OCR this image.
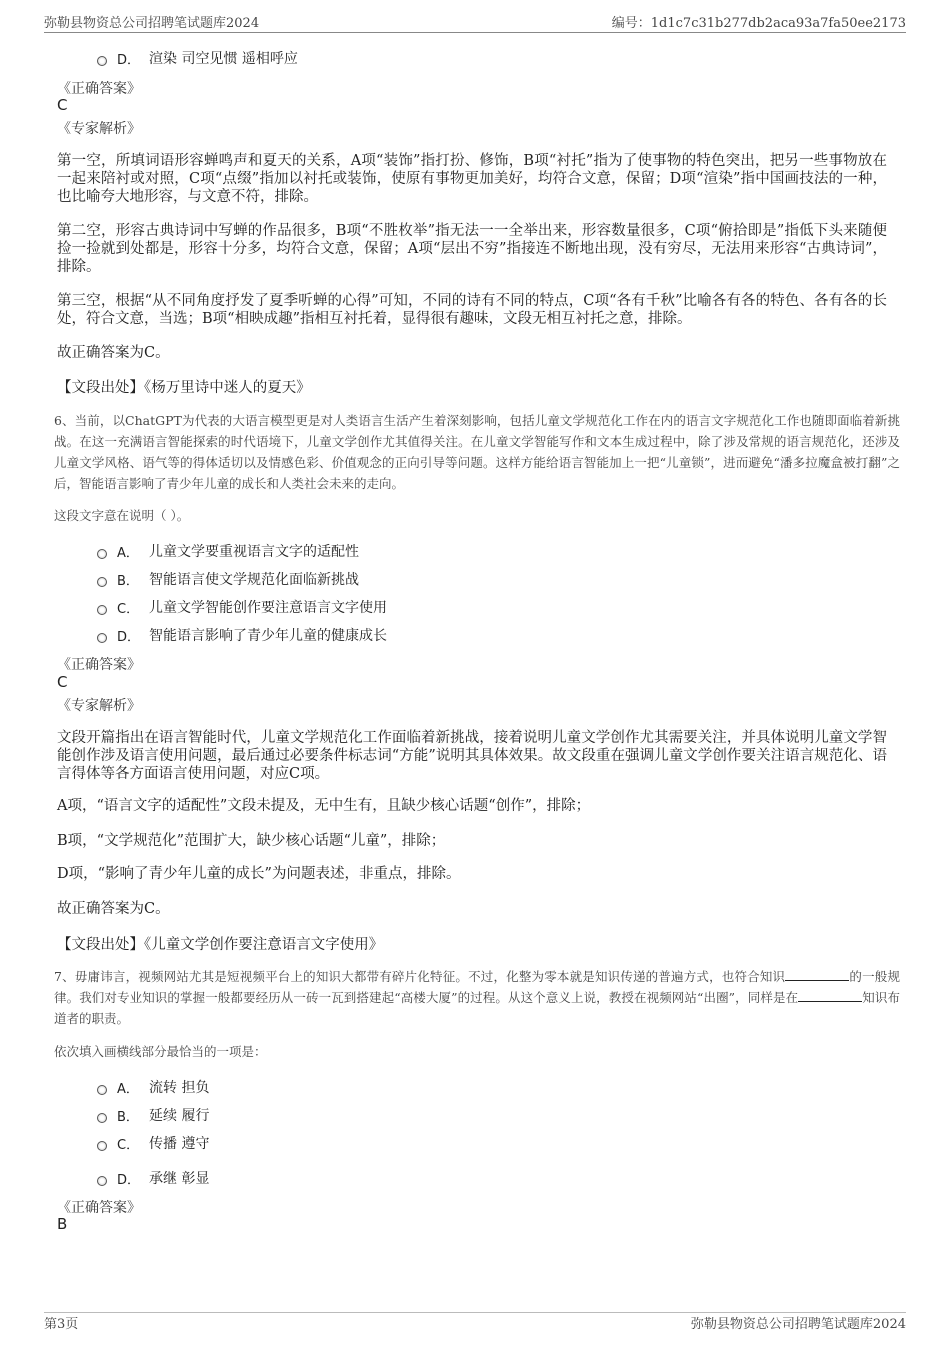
弥勒县物资总公司招聘笔试题库2024	编号：1d1c7c31b277db2aca93a7fa50ee2173
D． 渲染 司空见惯 遥相呼应
《正确答案》
C
《专家解析》
第一空，所填词语形容蝉鸣声和夏天的关系，A项“装饰”指打扮、修饰，B项“衬托”指为了使事物的特色突出，把另一些事物放在一起来陪衬或对照，C项“点缀”指加以衬托或装饰，使原有事物更加美好，均符合文意，保留；D项“渲染”指中国画技法的一种，也比喻夸大地形容，与文意不符，排除。
第二空，形容古典诗词中写蝉的作品很多，B项“不胜枚举”指无法一一全举出来，形容数量很多，C项“俯拾即是”指低下头来随便捡一捡就到处都是，形容十分多，均符合文意，保留；A项“层出不穷”指接连不断地出现，没有穷尽，无法用来形容“古典诗词”，排除。
第三空，根据“从不同角度抒发了夏季听蝉的心得”可知，不同的诗有不同的特点，C项“各有千秋”比喻各有各的特色、各有各的长处，符合文意，当选；B项“相映成趣”指相互衬托着，显得很有趣味，文段无相互衬托之意，排除。
故正确答案为C。
【文段出处】《杨万里诗中迷人的夏天》
6、当前，以ChatGPT为代表的大语言模型更是对人类语言生活产生着深刻影响，包括儿童文学规范化工作在内的语言文字规范化工作也随即面临着新挑战。在这一充满语言智能探索的时代语境下，儿童文学创作尤其值得关注。在儿童文学智能写作和文本生成过程中，除了涉及常规的语言规范化，还涉及儿童文学风格、语气等的得体适切以及情感色彩、价值观念的正向引导等问题。这样方能给语言智能加上一把“儿童锁”，进而避免“潘多拉魔盒被打翻”之后，智能语言影响了青少年儿童的成长和人类社会未来的走向。
这段文字意在说明（ ）。
A． 儿童文学要重视语言文字的适配性
B． 智能语言使文学规范化面临新挑战
C． 儿童文学智能创作要注意语言文字使用
D． 智能语言影响了青少年儿童的健康成长
《正确答案》
C
《专家解析》
文段开篇指出在语言智能时代，儿童文学规范化工作面临着新挑战，接着说明儿童文学创作尤其需要关注，并具体说明儿童文学智能创作涉及语言使用问题，最后通过必要条件标志词“方能”说明其具体效果。故文段重在强调儿童文学创作要关注语言规范化、语言得体等各方面语言使用问题，对应C项。
A项，“语言文字的适配性”文段未提及，无中生有，且缺少核心话题“创作”，排除；
B项，“文学规范化”范围扩大，缺少核心话题“儿童”，排除；
D项，“影响了青少年儿童的成长”为问题表述，非重点，排除。
故正确答案为C。
【文段出处】《儿童文学创作要注意语言文字使用》
7、毋庸讳言，视频网站尤其是短视频平台上的知识大都带有碎片化特征。不过，化整为零本就是知识传递的普遍方式，也符合知识	的一般规律。我们对专业知识的掌握一般都要经历从一砖一瓦到搭建起“高楼大厦”的过程。从这个意义上说，教授在视频网站“出圈”，同样是在	知识布道者的职责。
依次填入画横线部分最恰当的一项是：
A． 流转 担负
B． 延续 履行
C． 传播 遵守
D． 承继 彰显
《正确答案》
B
第3页	弥勒县物资总公司招聘笔试题库2024
